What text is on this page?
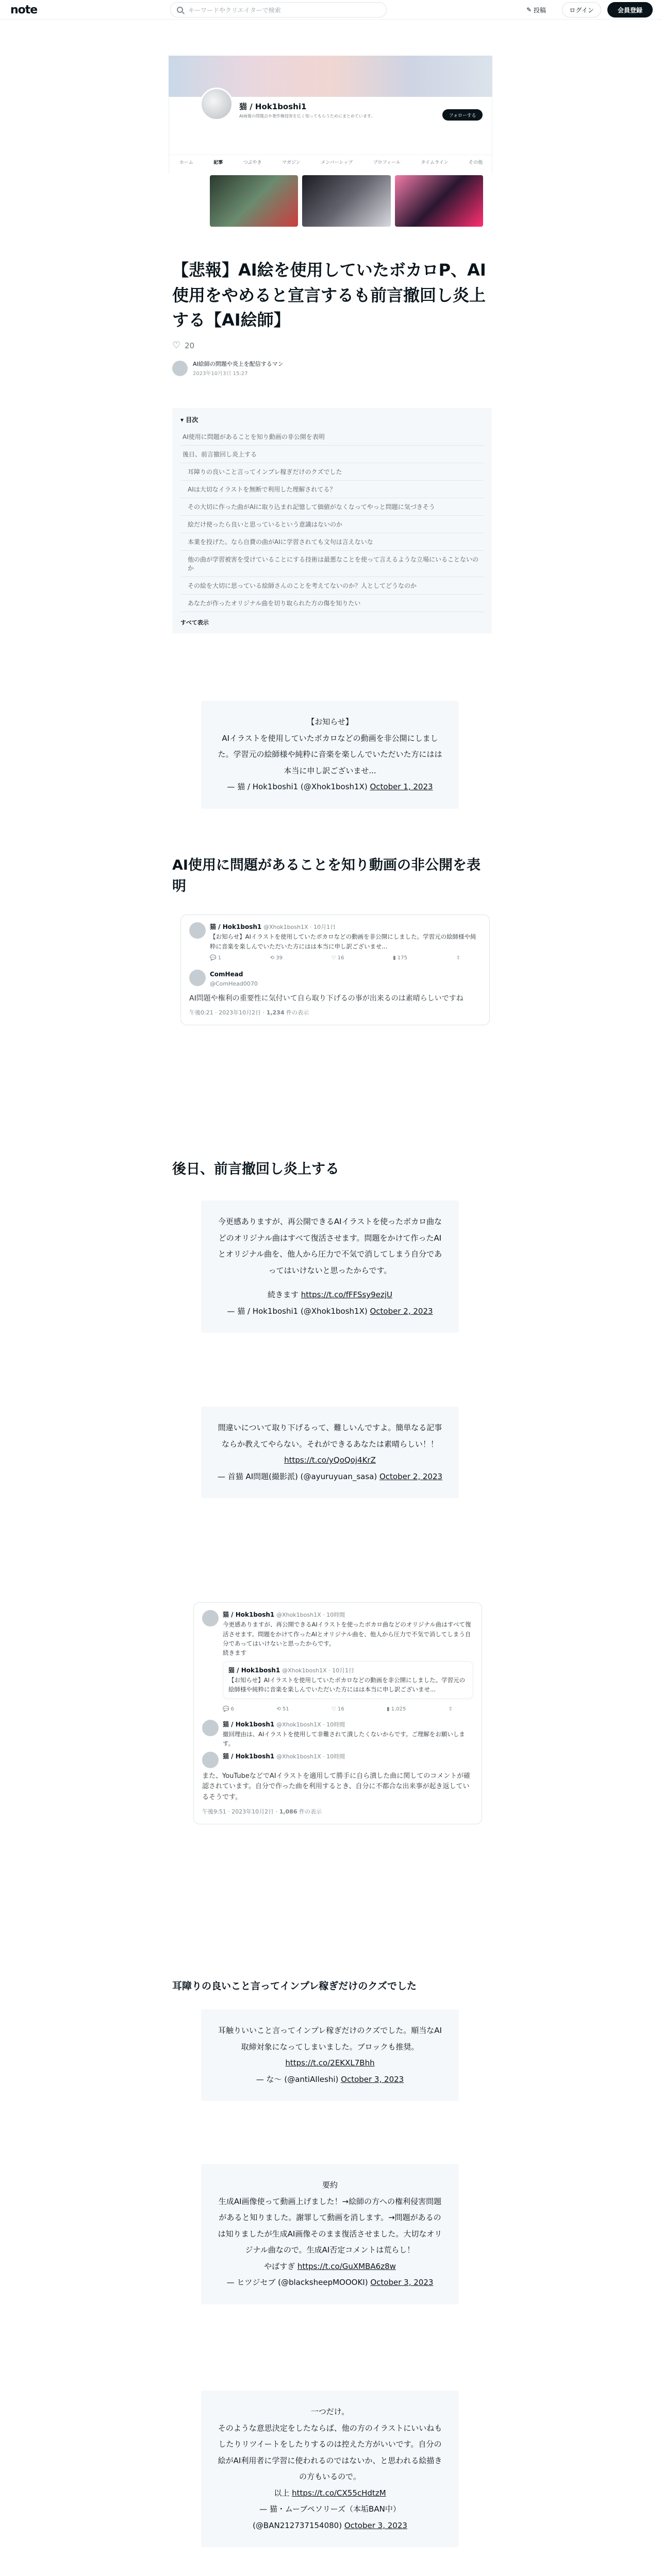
note	キーワードやクリエイターで検索	✎ 投稿	ログイン	会員登録
猫 / Hok1boshi1
AI画像の問題点や著作権侵害を広く知ってもらうためにまとめています。	フォローする
ホーム	記事	つぶやき	マガジン	メンバーシップ	プロフィール	タイムライン	その他
【悲報】AI絵を使用していたボカロP、AI使用をやめると宣言するも前言撤回し炎上する【AI絵師】
♡ 20
AI絵師の問題や炎上を配信するマン
2023年10月3日 15:27
▾ 目次
AI使用に問題があることを知り動画の非公開を表明
後日、前言撤回し炎上する
耳障りの良いこと言ってインプレ稼ぎだけのクズでした
AIは大切なイラストを無断で利用した理解されてる？
その大切に作った曲がAIに取り込まれ記憶して価値がなくなってやっと問題に気づきそう
絵だけ使ったら良いと思っているという意識はないのか
本業を投げた。なら自費の曲がAIに学習されても文句は言えないな
他の曲が学習被害を受けていることにする技術は最悪なことを使って言えるような立場にいることないのか
その絵を大切に思っている絵師さんのことを考えてないのか？人としてどうなのか
あなたが作ったオリジナル曲を切り取られた方の傷を知りたい
すべて表示
【お知らせ】
AIイラストを使用していたボカロなどの動画を非公開にしました。学習元の絵師様や純粋に音楽を楽しんでいただいた方にはは本当に申し訳ございませ...
— 猫 / Hok1boshi1 (@Xhok1bosh1X) October 1, 2023
AI使用に問題があることを知り動画の非公開を表明
猫 / Hok1bosh1 @Xhok1bosh1X · 10月1日
【お知らせ】AIイラストを使用していたボカロなどの動画を非公開にしました。学習元の絵師様や純粋に音楽を楽しんでいただいた方にはは本当に申し訳ございませ...
💬 1	⟲ 39	♡ 16	▮ 175	⇪
ComHead
@ComHead0070
AI問題や権利の重要性に気付いて自ら取り下げるの事が出来るのは素晴らしいですね
午後0:21 · 2023年10月2日 · 1,234 件の表示
後日、前言撤回し炎上する
今更感ありますが、再公開できるAIイラストを使ったボカロ曲などのオリジナル曲はすべて復活させます。問題をかけて作ったAIとオリジナル曲を、他人から圧力で不気で消してしまう自分であってはいけないと思ったからです。
続きます https://t.co/fFFSsy9ezjU
— 猫 / Hok1boshi1 (@Xhok1bosh1X) October 2, 2023
間違いについて取り下げるって、難しいんですよ。簡単なる記事ならか教えてやらない。それができるあなたは素晴らしい！！
https://t.co/yQoQoj4KrZ
— 首猫 AI問題(撮影派) (@ayuruyuan_sasa) October 2, 2023
猫 / Hok1bosh1 @Xhok1bosh1X · 10時間
今更感ありますが、再公開できるAIイラストを使ったボカロ曲などのオリジナル曲はすべて復活させます。問題をかけて作ったAIとオリジナル曲を、他人から圧力で不気で消してしまう自分であってはいけないと思ったからです。
続きます
猫 / Hok1bosh1 @Xhok1bosh1X · 10月1日
【お知らせ】AIイラストを使用していたボカロなどの動画を非公開にしました。学習元の絵師様や純粋に音楽を楽しんでいただいた方にはは本当に申し訳ございませ...
💬 6	⟲ 51	♡ 16	▮ 1,025	⇪
猫 / Hok1bosh1 @Xhok1bosh1X · 10時間
撤回理由は、AIイラストを使用して非難されて潰したくないからです。ご理解をお願いします。
猫 / Hok1bosh1 @Xhok1bosh1X · 10時間
また、YouTubeなどでAIイラストを適用して勝手に自ら潰した曲に関してのコメントが確認されています。自分で作った曲を利用するとき、自分に不都合な出来事が起き返しているそうです。
午後9:51 · 2023年10月2日 · 1,086 件の表示
耳障りの良いこと言ってインプレ稼ぎだけのクズでした
耳触りいいこと言ってインプレ稼ぎだけのクズでした。順当なAI取締対象になってしまいました。ブロックも推奨。
https://t.co/2EKXL7Bhh
— な〜 (@antiAIleshi) October 3, 2023
要約
生成AI画像使って動画上げました！→絵師の方への権利侵害問題があると知りました。謝罪して動画を消します。→問題があるのは知りましたが生成AI画像そのまま復活させました。大切なオリジナル曲なので。生成AI否定コメントは荒らし！
やばすぎ https://t.co/GuXMBA6z8w
— ヒツジセブ (@blacksheepMOOOKI) October 3, 2023
一つだけ。
そのような意思決定をしたならば、他の方のイラストにいいねもしたりリツイートをしたりするのは控えた方がいいです。自分の絵がAI利用者に学習に使われるのではないか、と思われる絵描きの方もいるので。
以上 https://t.co/CX55cHdtzM
— 猫・ムーブペソリーズ（本垢BAN中） (@BAN212737154080) October 3, 2023
